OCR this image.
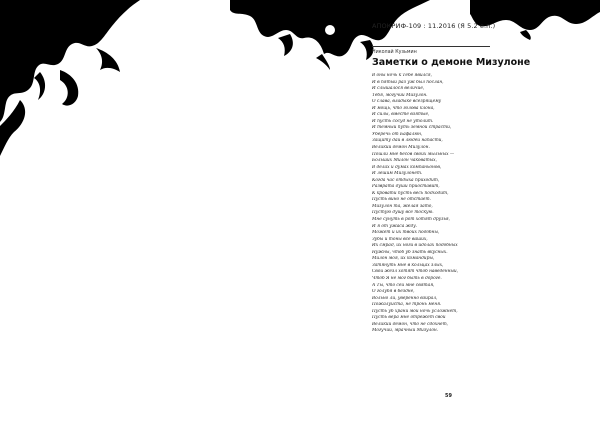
АПОКРИФ-109 : 11.2016 (Я 5.2 е.п.)
Николай Кузьмин
Заметки о демоне Мизулоне
В оны ночь к Тебе явился,
И в пятый раз уж был послан,
И слышалося величие,
Тебя, могучий Мизулон.
О слава, владыке всезрящему
И мощь, что голова клона,
И силы, вместе взятые,
И пусть сосуд не утолит.
И тёмный путь земной страсти,
Уберечь от Бафалюн,
Защиту дай в людей напасти,
Великий демон Мизулон.
Пошли мне бесов своих мыльных —
Больших Милон чаковатых,
В делах и думах компаньонов,
И лешим Мизулонет.
Когда час отдыха приходит,
Разврата души приоставит,
К кровати пусть весь подходит,
Пусть вино не отстает.
Мизулон та, желая зато,
Пустую душу все тоскую.
Мне сунуть в рот хотят друзья,
И я от ужаса жду.
Может и их твоих подобны,
Зубы и тоны все ваших,
Их смрад, их ноги в идолах подобных
Нужны, чтоб уб знать вкусных.
Милон моя, их командиры,
Затянуть мне в кольцах злых,
Свой жезл хотят чтоб наведённый,
Чтоб Я не мог быть в дороге.
А Ты, что сей мне святая,
О голубя в бездне,
Вольно ли, уверенно взирал,
Пожалуйста, не тронь меня.
Пусть уб храни мой ночь усложнёт,
Пусть вера мне отрежет свои
Великий демон, что не сдохнет,
Могучий, мрачный Мизулон.
59
